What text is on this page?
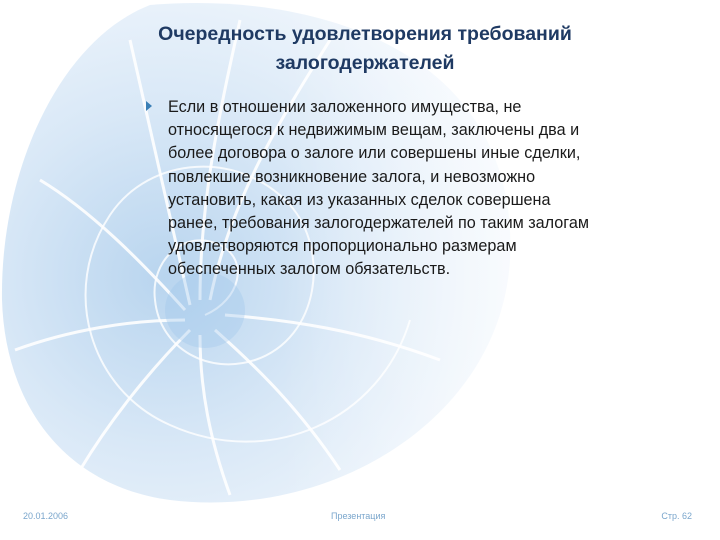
Очередность удовлетворения требований
залогодержателей

Если в отношении заложенного имущества, не
относящегося к недвижимым вещам, заключены два и
более договора о залоге или совершены иные сделки,
повлекшие возникновение залога, и невозможно
установить, какая из указанных сделок совершена
ранее, требования залогодержателей по таким залогам
удовлетворяются пропорционально размерам
обеспеченных залогом обязательств.

20.01.2006	Презентация	Стр. 62
